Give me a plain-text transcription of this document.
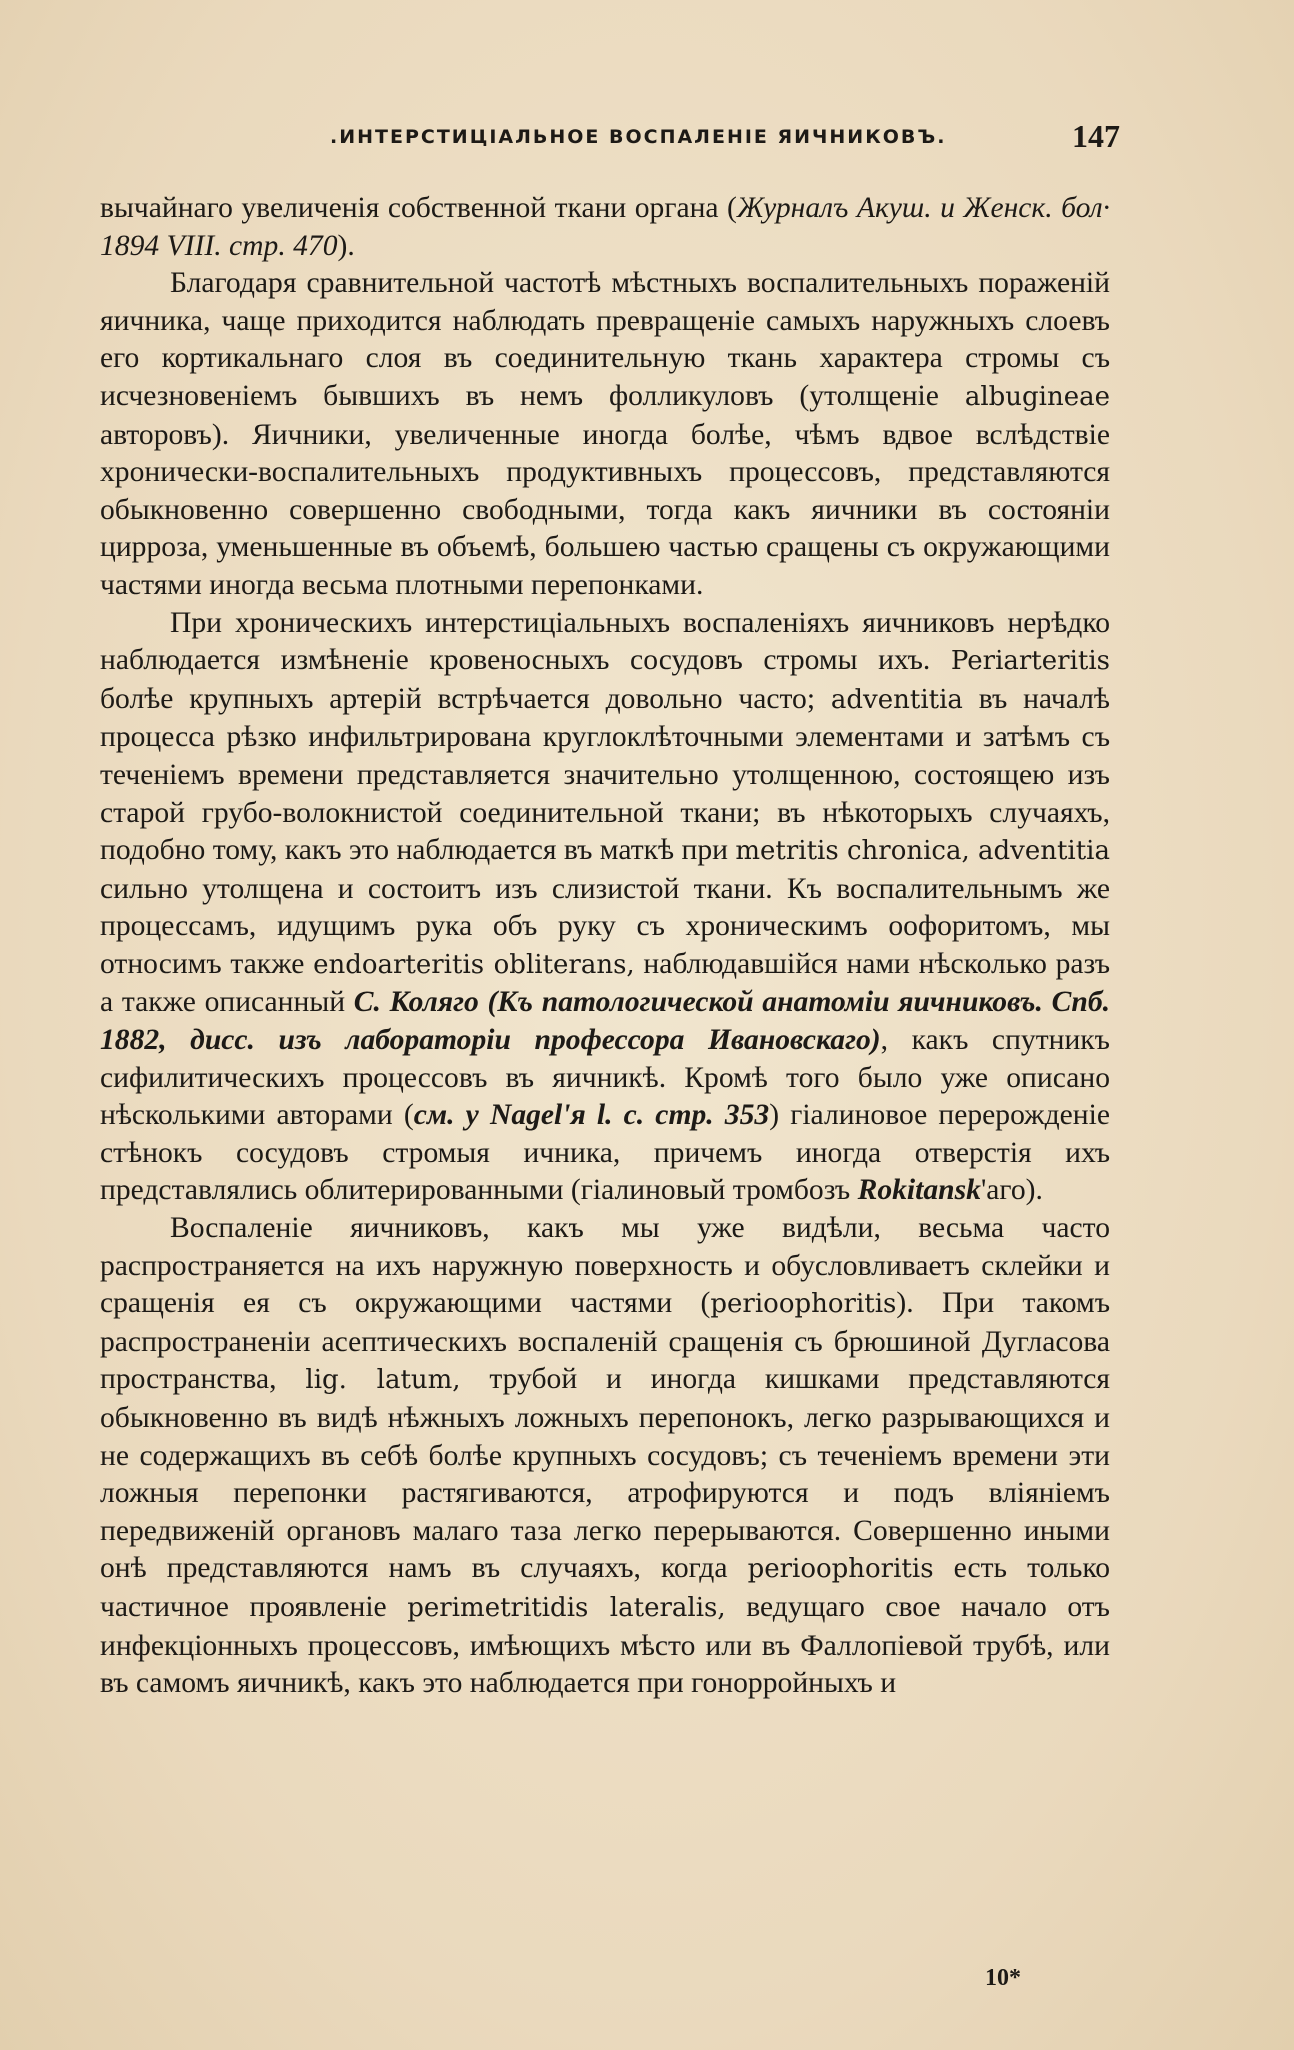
.ИНТЕРСТИЦІАЛЬНОЕ ВОСПАЛЕНІЕ ЯИЧНИКОВЪ.	147

вычайнаго увеличенія собственной ткани органа (Журналъ Акуш. и Женск. бол· 1894 VIII. стр. 470).

Благодаря сравнительной частотѣ мѣстныхъ воспалительныхъ пораженій яичника, чаще приходится наблюдать превращеніе самыхъ наружныхъ слоевъ его кортикальнаго слоя въ соединительную ткань характера стромы съ исчезновеніемъ бывшихъ въ немъ фолликуловъ (утолщеніе albugineae авторовъ). Яичники, увеличенные иногда болѣе, чѣмъ вдвое вслѣдствіе хронически-воспалительныхъ продуктивныхъ процессовъ, представляются обыкновенно совершенно свободными, тогда какъ яичники въ состояніи цирроза, уменьшенные въ объемѣ, большею частью сращены съ окружающими частями иногда весьма плотными перепонками.

При хроническихъ интерстиціальныхъ воспаленіяхъ яичниковъ нерѣдко наблюдается измѣненіе кровеносныхъ сосудовъ стромы ихъ. Periarteritis болѣе крупныхъ артерій встрѣчается довольно часто; adventitia въ началѣ процесса рѣзко инфильтрирована круглоклѣточными элементами и затѣмъ съ теченіемъ времени представляется значительно утолщенною, состоящею изъ старой грубо-волокнистой соединительной ткани; въ нѣкоторыхъ случаяхъ, подобно тому, какъ это наблюдается въ маткѣ при metritis chronica, adventitia сильно утолщена и состоитъ изъ слизистой ткани. Къ воспалительнымъ же процессамъ, идущимъ рука объ руку съ хроническимъ оофоритомъ, мы относимъ также endoarteritis obliterans, наблюдавшійся нами нѣсколько разъ а также описанный С. Коляго (Къ патологической анатоміи яичниковъ. Спб. 1882, дисс. изъ лабораторіи профессора Ивановскаго), какъ спутникъ сифилитическихъ процессовъ въ яичникѣ. Кромѣ того было уже описано нѣсколькими авторами (см. у Nagel'я l. с. стр. 353) гіалиновое перерожденіе стѣнокъ сосудовъ стромыя ичника, причемъ иногда отверстія ихъ представлялись облитерированными (гіалиновый тромбозъ Rokitansk'аго).

Воспаленіе яичниковъ, какъ мы уже видѣли, весьма часто распространяется на ихъ наружную поверхность и обусловливаетъ склейки и сращенія ея съ окружающими частями (perioophoritis). При такомъ распространеніи асептическихъ воспаленій сращенія съ брюшиной Дугласова пространства, lig. latum, трубой и иногда кишками представляются обыкновенно въ видѣ нѣжныхъ ложныхъ перепонокъ, легко разрывающихся и не содержащихъ въ себѣ болѣе крупныхъ сосудовъ; съ теченіемъ времени эти ложныя перепонки растягиваются, атрофируются и подъ вліяніемъ передвиженій органовъ малаго таза легко перерываются. Совершенно иными онѣ представляются намъ въ случаяхъ, когда perioophoritis есть только частичное проявленіе perimetritidis lateralis, ведущаго свое начало отъ инфекціонныхъ процессовъ, имѣющихъ мѣсто или въ Фаллопіевой трубѣ, или въ самомъ яичникѣ, какъ это наблюдается при гонорройныхъ и

10*
